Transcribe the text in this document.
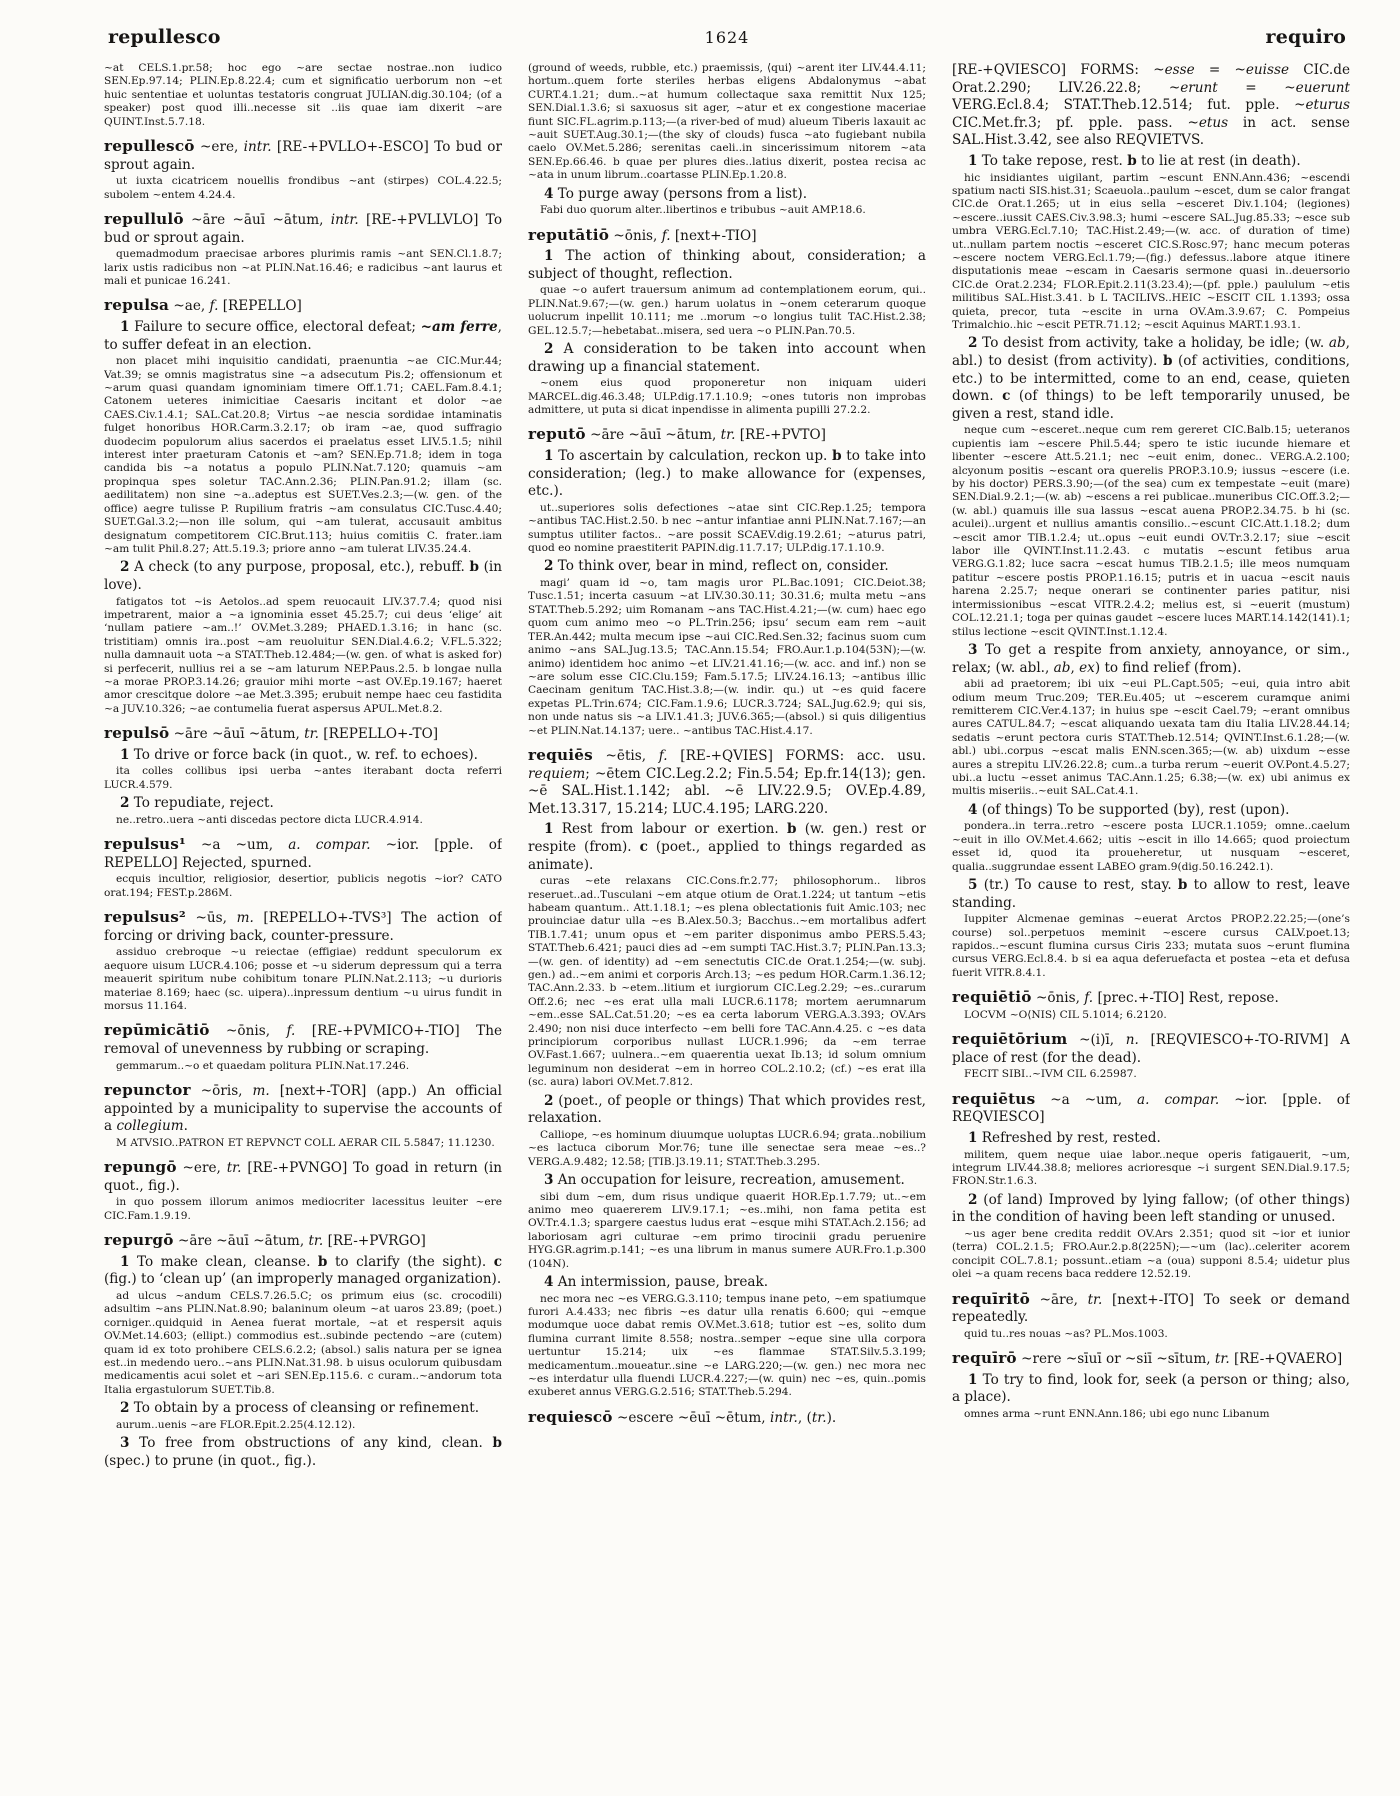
repullesco	1624	requiro

~at CELS.1.pr.58; hoc ego ~are sectae nostrae..non iudico SEN.Ep.97.14; PLIN.Ep.8.22.4; cum et significatio uerborum non ~et huic sententiae et uoluntas testatoris congruat JULIAN.dig.30.104; (of a speaker) post quod illi..necesse sit ..iis quae iam dixerit ~are QUINT.Inst.5.7.18.

repullescō ~ere, intr. [RE-+PVLLO+-ESCO] To bud or sprout again.

ut iuxta cicatricem nouellis frondibus ~ant (stirpes) COL.4.22.5; subolem ~entem 4.24.4.

repullulō ~āre ~āuī ~ātum, intr. [RE-+PVLLVLO] To bud or sprout again.

quemadmodum praecisae arbores plurimis ramis ~ant SEN.Cl.1.8.7; larix ustis radicibus non ~at PLIN.Nat.16.46; e radicibus ~ant laurus et mali et punicae 16.241.

repulsa ~ae, f. [REPELLO]

1 Failure to secure office, electoral defeat; ~am ferre, to suffer defeat in an election.

non placet mihi inquisitio candidati, praenuntia ~ae CIC.Mur.44; Vat.39; se omnis magistratus sine ~a adsecutum Pis.2; offensionum et ~arum quasi quandam ignominiam timere Off.1.71; CAEL.Fam.8.4.1; Catonem ueteres inimicitiae Caesaris incitant et dolor ~ae CAES.Civ.1.4.1; SAL.Cat.20.8; Virtus ~ae nescia sordidae intaminatis fulget honoribus HOR.Carm.3.2.17; ob iram ~ae, quod suffragio duodecim populorum alius sacerdos ei praelatus esset LIV.5.1.5; nihil interest inter praeturam Catonis et ~am? SEN.Ep.71.8; idem in toga candida bis ~a notatus a populo PLIN.Nat.7.120; quamuis ~am propinqua spes soletur TAC.Ann.2.36; PLIN.Pan.91.2; illam (sc. aedilitatem) non sine ~a..adeptus est SUET.Ves.2.3;—(w. gen. of the office) aegre tulisse P. Rupilium fratris ~am consulatus CIC.Tusc.4.40; SUET.Gal.3.2;—non ille solum, qui ~am tulerat, accusauit ambitus designatum competitorem CIC.Brut.113; huius comitiis C. frater..iam ~am tulit Phil.8.27; Att.5.19.3; priore anno ~am tulerat LIV.35.24.4.

2 A check (to any purpose, proposal, etc.), rebuff. b (in love).

fatigatos tot ~is Aetolos..ad spem reuocauit LIV.37.7.4; quod nisi impetrarent, maior a ~a ignominia esset 45.25.7; cui deus ‘elige’ ait ‘nullam patiere ~am..!’ OV.Met.3.289; PHAED.1.3.16; in hanc (sc. tristitiam) omnis ira..post ~am reuoluitur SEN.Dial.4.6.2; V.FL.5.322; nulla damnauit uota ~a STAT.Theb.12.484;—(w. gen. of what is asked for) si perfecerit, nullius rei a se ~am laturum NEP.Paus.2.5. b longae nulla ~a morae PROP.3.14.26; grauior mihi morte ~ast OV.Ep.19.167; haeret amor crescitque dolore ~ae Met.3.395; erubuit nempe haec ceu fastidita ~a JUV.10.326; ~ae contumelia fuerat aspersus APUL.Met.8.2.

repulsō ~āre ~āuī ~ātum, tr. [REPELLO+-TO]

1 To drive or force back (in quot., w. ref. to echoes).

ita colles collibus ipsi uerba ~antes iterabant docta referri LUCR.4.579.

2 To repudiate, reject.

ne..retro..uera ~anti discedas pectore dicta LUCR.4.914.

repulsus¹ ~a ~um, a. compar. ~ior. [pple. of REPELLO] Rejected, spurned.

ecquis incultior, religiosior, desertior, publicis negotis ~ior? CATO orat.194; FEST.p.286M.

repulsus² ~ūs, m. [REPELLO+-TVS³] The action of forcing or driving back, counter-pressure.

assiduo crebroque ~u reiectae (effigiae) reddunt speculorum ex aequore uisum LUCR.4.106; posse et ~u siderum depressum qui a terra meauerit spiritum nube cohibitum tonare PLIN.Nat.2.113; ~u durioris materiae 8.169; haec (sc. uipera)..inpressum dentium ~u uirus fundit in morsus 11.164.

repūmicātiō ~ōnis, f. [RE-+PVMICO+-TIO] The removal of unevenness by rubbing or scraping.

gemmarum..~o et quaedam politura PLIN.Nat.17.246.

repunctor ~ōris, m. [next+-TOR] (app.) An official appointed by a municipality to supervise the accounts of a collegium.

M ATVSIO..PATRON ET REPVNCT COLL AERAR CIL 5.5847; 11.1230.

repungō ~ere, tr. [RE-+PVNGO] To goad in return (in quot., fig.).

in quo possem illorum animos mediocriter lacessitus leuiter ~ere CIC.Fam.1.9.19.

repurgō ~āre ~āuī ~ātum, tr. [RE-+PVRGO]

1 To make clean, cleanse. b to clarify (the sight). c (fig.) to ‘clean up’ (an improperly managed organization).

ad ulcus ~andum CELS.7.26.5.C; os primum eius (sc. crocodili) adsultim ~ans PLIN.Nat.8.90; balaninum oleum ~at uaros 23.89; (poet.) corniger..quidquid in Aenea fuerat mortale, ~at et respersit aquis OV.Met.14.603; (ellipt.) commodius est..subinde pectendo ~are (cutem) quam id ex toto prohibere CELS.6.2.2; (absol.) salis natura per se ignea est..in medendo uero..~ans PLIN.Nat.31.98. b uisus oculorum quibusdam medicamentis acui solet et ~ari SEN.Ep.115.6. c curam..~andorum tota Italia ergastulorum SUET.Tib.8.

2 To obtain by a process of cleansing or refinement.

aurum..uenis ~are FLOR.Epit.2.25(4.12.12).

3 To free from obstructions of any kind, clean. b (spec.) to prune (in quot., fig.).

(ground of weeds, rubble, etc.) praemissis, ⟨qui⟩ ~arent iter LIV.44.4.11; hortum..quem forte steriles herbas eligens Abdalonymus ~abat CURT.4.1.21; dum..~at humum collectaque saxa remittit Nux 125; SEN.Dial.1.3.6; si saxuosus sit ager, ~atur et ex congestione maceriae fiunt SIC.FL.agrim.p.113;—(a river-bed of mud) alueum Tiberis laxauit ac ~auit SUET.Aug.30.1;—(the sky of clouds) fusca ~ato fugiebant nubila caelo OV.Met.5.286; serenitas caeli..in sincerissimum nitorem ~ata SEN.Ep.66.46. b quae per plures dies..latius dixerit, postea recisa ac ~ata in unum librum..coartasse PLIN.Ep.1.20.8.

4 To purge away (persons from a list).

Fabi duo quorum alter..libertinos e tribubus ~auit AMP.18.6.

reputātiō ~ōnis, f. [next+-TIO]

1 The action of thinking about, consideration; a subject of thought, reflection.

quae ~o aufert trauersum animum ad contemplationem eorum, qui.. PLIN.Nat.9.67;—(w. gen.) harum uolatus in ~onem ceterarum quoque uolucrum inpellit 10.111; me ..morum ~o longius tulit TAC.Hist.2.38; GEL.12.5.7;—hebetabat..misera, sed uera ~o PLIN.Pan.70.5.

2 A consideration to be taken into account when drawing up a financial statement.

~onem eius quod proponeretur non iniquam uideri MARCEL.dig.46.3.48; ULP.dig.17.1.10.9; ~ones tutoris non improbas admittere, ut puta si dicat inpendisse in alimenta pupilli 27.2.2.

reputō ~āre ~āuī ~ātum, tr. [RE-+PVTO]

1 To ascertain by calculation, reckon up. b to take into consideration; (leg.) to make allowance for (expenses, etc.).

ut..superiores solis defectiones ~atae sint CIC.Rep.1.25; tempora ~antibus TAC.Hist.2.50. b nec ~antur infantiae anni PLIN.Nat.7.167;—an sumptus utiliter factos.. ~are possit SCAEV.dig.19.2.61; ~aturus patri, quod eo nomine praestiterit PAPIN.dig.11.7.17; ULP.dig.17.1.10.9.

2 To think over, bear in mind, reflect on, consider.

magi’ quam id ~o, tam magis uror PL.Bac.1091; CIC.Deiot.38; Tusc.1.51; incerta casuum ~at LIV.30.30.11; 30.31.6; multa metu ~ans STAT.Theb.5.292; uim Romanam ~ans TAC.Hist.4.21;—(w. cum) haec ego quom cum animo meo ~o PL.Trin.256; ipsu’ secum eam rem ~auit TER.An.442; multa mecum ipse ~aui CIC.Red.Sen.32; facinus suom cum animo ~ans SAL.Jug.13.5; TAC.Ann.15.54; FRO.Aur.1.p.104(53N);—(w. animo) identidem hoc animo ~et LIV.21.41.16;—(w. acc. and inf.) non se ~are solum esse CIC.Clu.159; Fam.5.17.5; LIV.24.16.13; ~antibus illic Caecinam genitum TAC.Hist.3.8;—(w. indir. qu.) ut ~es quid facere expetas PL.Trin.674; CIC.Fam.1.9.6; LUCR.3.724; SAL.Jug.62.9; qui sis, non unde natus sis ~a LIV.1.41.3; JUV.6.365;—(absol.) si quis diligentius ~et PLIN.Nat.14.137; uere.. ~antibus TAC.Hist.4.17.

requiēs ~ētis, f. [RE-+QVIES] FORMS: acc. usu. requiem; ~ētem CIC.Leg.2.2; Fin.5.54; Ep.fr.14(13); gen. ~ē SAL.Hist.1.142; abl. ~ē LIV.22.9.5; OV.Ep.4.89, Met.13.317, 15.214; LUC.4.195; LARG.220.

1 Rest from labour or exertion. b (w. gen.) rest or respite (from). c (poet., applied to things regarded as animate).

curas ~ete relaxans CIC.Cons.fr.2.77; philosophorum.. libros reseruet..ad..Tusculani ~em atque otium de Orat.1.224; ut tantum ~etis habeam quantum.. Att.1.18.1; ~es plena oblectationis fuit Amic.103; nec prouinciae datur ulla ~es B.Alex.50.3; Bacchus..~em mortalibus adfert TIB.1.7.41; unum opus et ~em pariter disponimus ambo PERS.5.43; STAT.Theb.6.421; pauci dies ad ~em sumpti TAC.Hist.3.7; PLIN.Pan.13.3;—(w. gen. of identity) ad ~em senectutis CIC.de Orat.1.254;—(w. subj. gen.) ad..~em animi et corporis Arch.13; ~es pedum HOR.Carm.1.36.12; TAC.Ann.2.33. b ~etem..litium et iurgiorum CIC.Leg.2.29; ~es..curarum Off.2.6; nec ~es erat ulla mali LUCR.6.1178; mortem aerumnarum ~em..esse SAL.Cat.51.20; ~es ea certa laborum VERG.A.3.393; OV.Ars 2.490; non nisi duce interfecto ~em belli fore TAC.Ann.4.25. c ~es data principiorum corporibus nullast LUCR.1.996; da ~em terrae OV.Fast.1.667; uulnera..~em quaerentia uexat Ib.13; id solum omnium leguminum non desiderat ~em in horreo COL.2.10.2; (cf.) ~es erat illa (sc. aura) labori OV.Met.7.812.

2 (poet., of people or things) That which provides rest, relaxation.

Calliope, ~es hominum diuumque uoluptas LUCR.6.94; grata..nobilium ~es lactuca ciborum Mor.76; tune ille senectae sera meae ~es..? VERG.A.9.482; 12.58; [TIB.]3.19.11; STAT.Theb.3.295.

3 An occupation for leisure, recreation, amusement.

sibi dum ~em, dum risus undique quaerit HOR.Ep.1.7.79; ut..~em animo meo quaererem LIV.9.17.1; ~es..mihi, non fama petita est OV.Tr.4.1.3; spargere caestus ludus erat ~esque mihi STAT.Ach.2.156; ad laboriosam agri culturae ~em primo tirocinii gradu peruenire HYG.GR.agrim.p.141; ~es una librum in manus sumere AUR.Fro.1.p.300 (104N).

4 An intermission, pause, break.

nec mora nec ~es VERG.G.3.110; tempus inane peto, ~em spatiumque furori A.4.433; nec fibris ~es datur ulla renatis 6.600; qui ~emque modumque uoce dabat remis OV.Met.3.618; tutior est ~es, solito dum flumina currant limite 8.558; nostra..semper ~eque sine ulla corpora uertuntur 15.214; uix ~es flammae STAT.Silv.5.3.199; medicamentum..moueatur..sine ~e LARG.220;—(w. gen.) nec mora nec ~es interdatur ulla fluendi LUCR.4.227;—(w. quin) nec ~es, quin..pomis exuberet annus VERG.G.2.516; STAT.Theb.5.294.

requiescō ~escere ~ēuī ~ētum, intr., (tr.).

[RE-+QVIESCO] FORMS: ~esse = ~euisse CIC.de Orat.2.290; LIV.26.22.8; ~erunt = ~euerunt VERG.Ecl.8.4; STAT.Theb.12.514; fut. pple. ~eturus CIC.Met.fr.3; pf. pple. pass. ~etus in act. sense SAL.Hist.3.42, see also REQVIETVS.

1 To take repose, rest. b to lie at rest (in death).

hic insidiantes uigilant, partim ~escunt ENN.Ann.436; ~escendi spatium nacti SIS.hist.31; Scaeuola..paulum ~escet, dum se calor frangat CIC.de Orat.1.265; ut in eius sella ~esceret Div.1.104; (legiones) ~escere..iussit CAES.Civ.3.98.3; humi ~escere SAL.Jug.85.33; ~esce sub umbra VERG.Ecl.7.10; TAC.Hist.2.49;—(w. acc. of duration of time) ut..nullam partem noctis ~esceret CIC.S.Rosc.97; hanc mecum poteras ~escere noctem VERG.Ecl.1.79;—(fig.) defessus..labore atque itinere disputationis meae ~escam in Caesaris sermone quasi in..deuersorio CIC.de Orat.2.234; FLOR.Epit.2.11(3.23.4);—(pf. pple.) paululum ~etis militibus SAL.Hist.3.41. b L TACILIVS..HEIC ~ESCIT CIL 1.1393; ossa quieta, precor, tuta ~escite in urna OV.Am.3.9.67; C. Pompeius Trimalchio..hic ~escit PETR.71.12; ~escit Aquinus MART.1.93.1.

2 To desist from activity, take a holiday, be idle; (w. ab, abl.) to desist (from activity). b (of activities, conditions, etc.) to be intermitted, come to an end, cease, quieten down. c (of things) to be left temporarily unused, be given a rest, stand idle.

neque cum ~esceret..neque cum rem gereret CIC.Balb.15; ueteranos cupientis iam ~escere Phil.5.44; spero te istic iucunde hiemare et libenter ~escere Att.5.21.1; nec ~euit enim, donec.. VERG.A.2.100; alcyonum positis ~escant ora querelis PROP.3.10.9; iussus ~escere (i.e. by his doctor) PERS.3.90;—(of the sea) cum ex tempestate ~euit (mare) SEN.Dial.9.2.1;—(w. ab) ~escens a rei publicae..muneribus CIC.Off.3.2;—(w. abl.) quamuis ille sua lassus ~escat auena PROP.2.34.75. b hi (sc. aculei)..urgent et nullius amantis consilio..~escunt CIC.Att.1.18.2; dum ~escit amor TIB.1.2.4; ut..opus ~euit eundi OV.Tr.3.2.17; siue ~escit labor ille QVINT.Inst.11.2.43. c mutatis ~escunt fetibus arua VERG.G.1.82; luce sacra ~escat humus TIB.2.1.5; ille meos numquam patitur ~escere postis PROP.1.16.15; putris et in uacua ~escit nauis harena 2.25.7; neque onerari se continenter paries patitur, nisi intermissionibus ~escat VITR.2.4.2; melius est, si ~euerit (mustum) COL.12.21.1; toga per quinas gaudet ~escere luces MART.14.142(141).1; stilus lectione ~escit QVINT.Inst.1.12.4.

3 To get a respite from anxiety, annoyance, or sim., relax; (w. abl., ab, ex) to find relief (from).

abii ad praetorem; ibi uix ~eui PL.Capt.505; ~eui, quia intro abit odium meum Truc.209; TER.Eu.405; ut ~escerem curamque animi remitterem CIC.Ver.4.137; in huius spe ~escit Cael.79; ~erant omnibus aures CATUL.84.7; ~escat aliquando uexata tam diu Italia LIV.28.44.14; sedatis ~erunt pectora curis STAT.Theb.12.514; QVINT.Inst.6.1.28;—(w. abl.) ubi..corpus ~escat malis ENN.scen.365;—(w. ab) uixdum ~esse aures a strepitu LIV.26.22.8; cum..a turba rerum ~euerit OV.Pont.4.5.27; ubi..a luctu ~esset animus TAC.Ann.1.25; 6.38;—(w. ex) ubi animus ex multis miseriis..~euit SAL.Cat.4.1.

4 (of things) To be supported (by), rest (upon).

pondera..in terra..retro ~escere posta LUCR.1.1059; omne..caelum ~euit in illo OV.Met.4.662; uitis ~escit in illo 14.665; quod proiectum esset id, quod ita proueheretur, ut nusquam ~esceret, qualia..suggrundae essent LABEO gram.9(dig.50.16.242.1).

5 (tr.) To cause to rest, stay. b to allow to rest, leave standing.

Iuppiter Alcmenae geminas ~euerat Arctos PROP.2.22.25;—(one’s course) sol..perpetuos meminit ~escere cursus CALV.poet.13; rapidos..~escunt flumina cursus Ciris 233; mutata suos ~erunt flumina cursus VERG.Ecl.8.4. b si ea aqua deferuefacta et postea ~eta et defusa fuerit VITR.8.4.1.

requiētiō ~ōnis, f. [prec.+-TIO] Rest, repose.

LOCVM ~O⟨NIS⟩ CIL 5.1014; 6.2120.

requiētōrium ~(i)ī, n. [REQVIESCO+-TO-RIVM] A place of rest (for the dead).

FECIT SIBI..~IVM CIL 6.25987.

requiētus ~a ~um, a. compar. ~ior. [pple. of REQVIESCO]

1 Refreshed by rest, rested.

militem, quem neque uiae labor..neque operis fatigauerit, ~um, integrum LIV.44.38.8; meliores acrioresque ~i surgent SEN.Dial.9.17.5; FRON.Str.1.6.3.

2 (of land) Improved by lying fallow; (of other things) in the condition of having been left standing or unused.

~us ager bene credita reddit OV.Ars 2.351; quod sit ~ior et iunior (terra) COL.2.1.5; FRO.Aur.2.p.8(225N);—~um (lac)..celeriter acorem concipit COL.7.8.1; possunt..etiam ~a (oua) supponi 8.5.4; uidetur plus olei ~a quam recens baca reddere 12.52.19.

requīritō ~āre, tr. [next+-ITO] To seek or demand repeatedly.

quid tu..res nouas ~as? PL.Mos.1003.

requīrō ~rere ~sīuī or ~siī ~sītum, tr. [RE-+QVAERO]

1 To try to find, look for, seek (a person or thing; also, a place).

omnes arma ~runt ENN.Ann.186; ubi ego nunc Libanum
